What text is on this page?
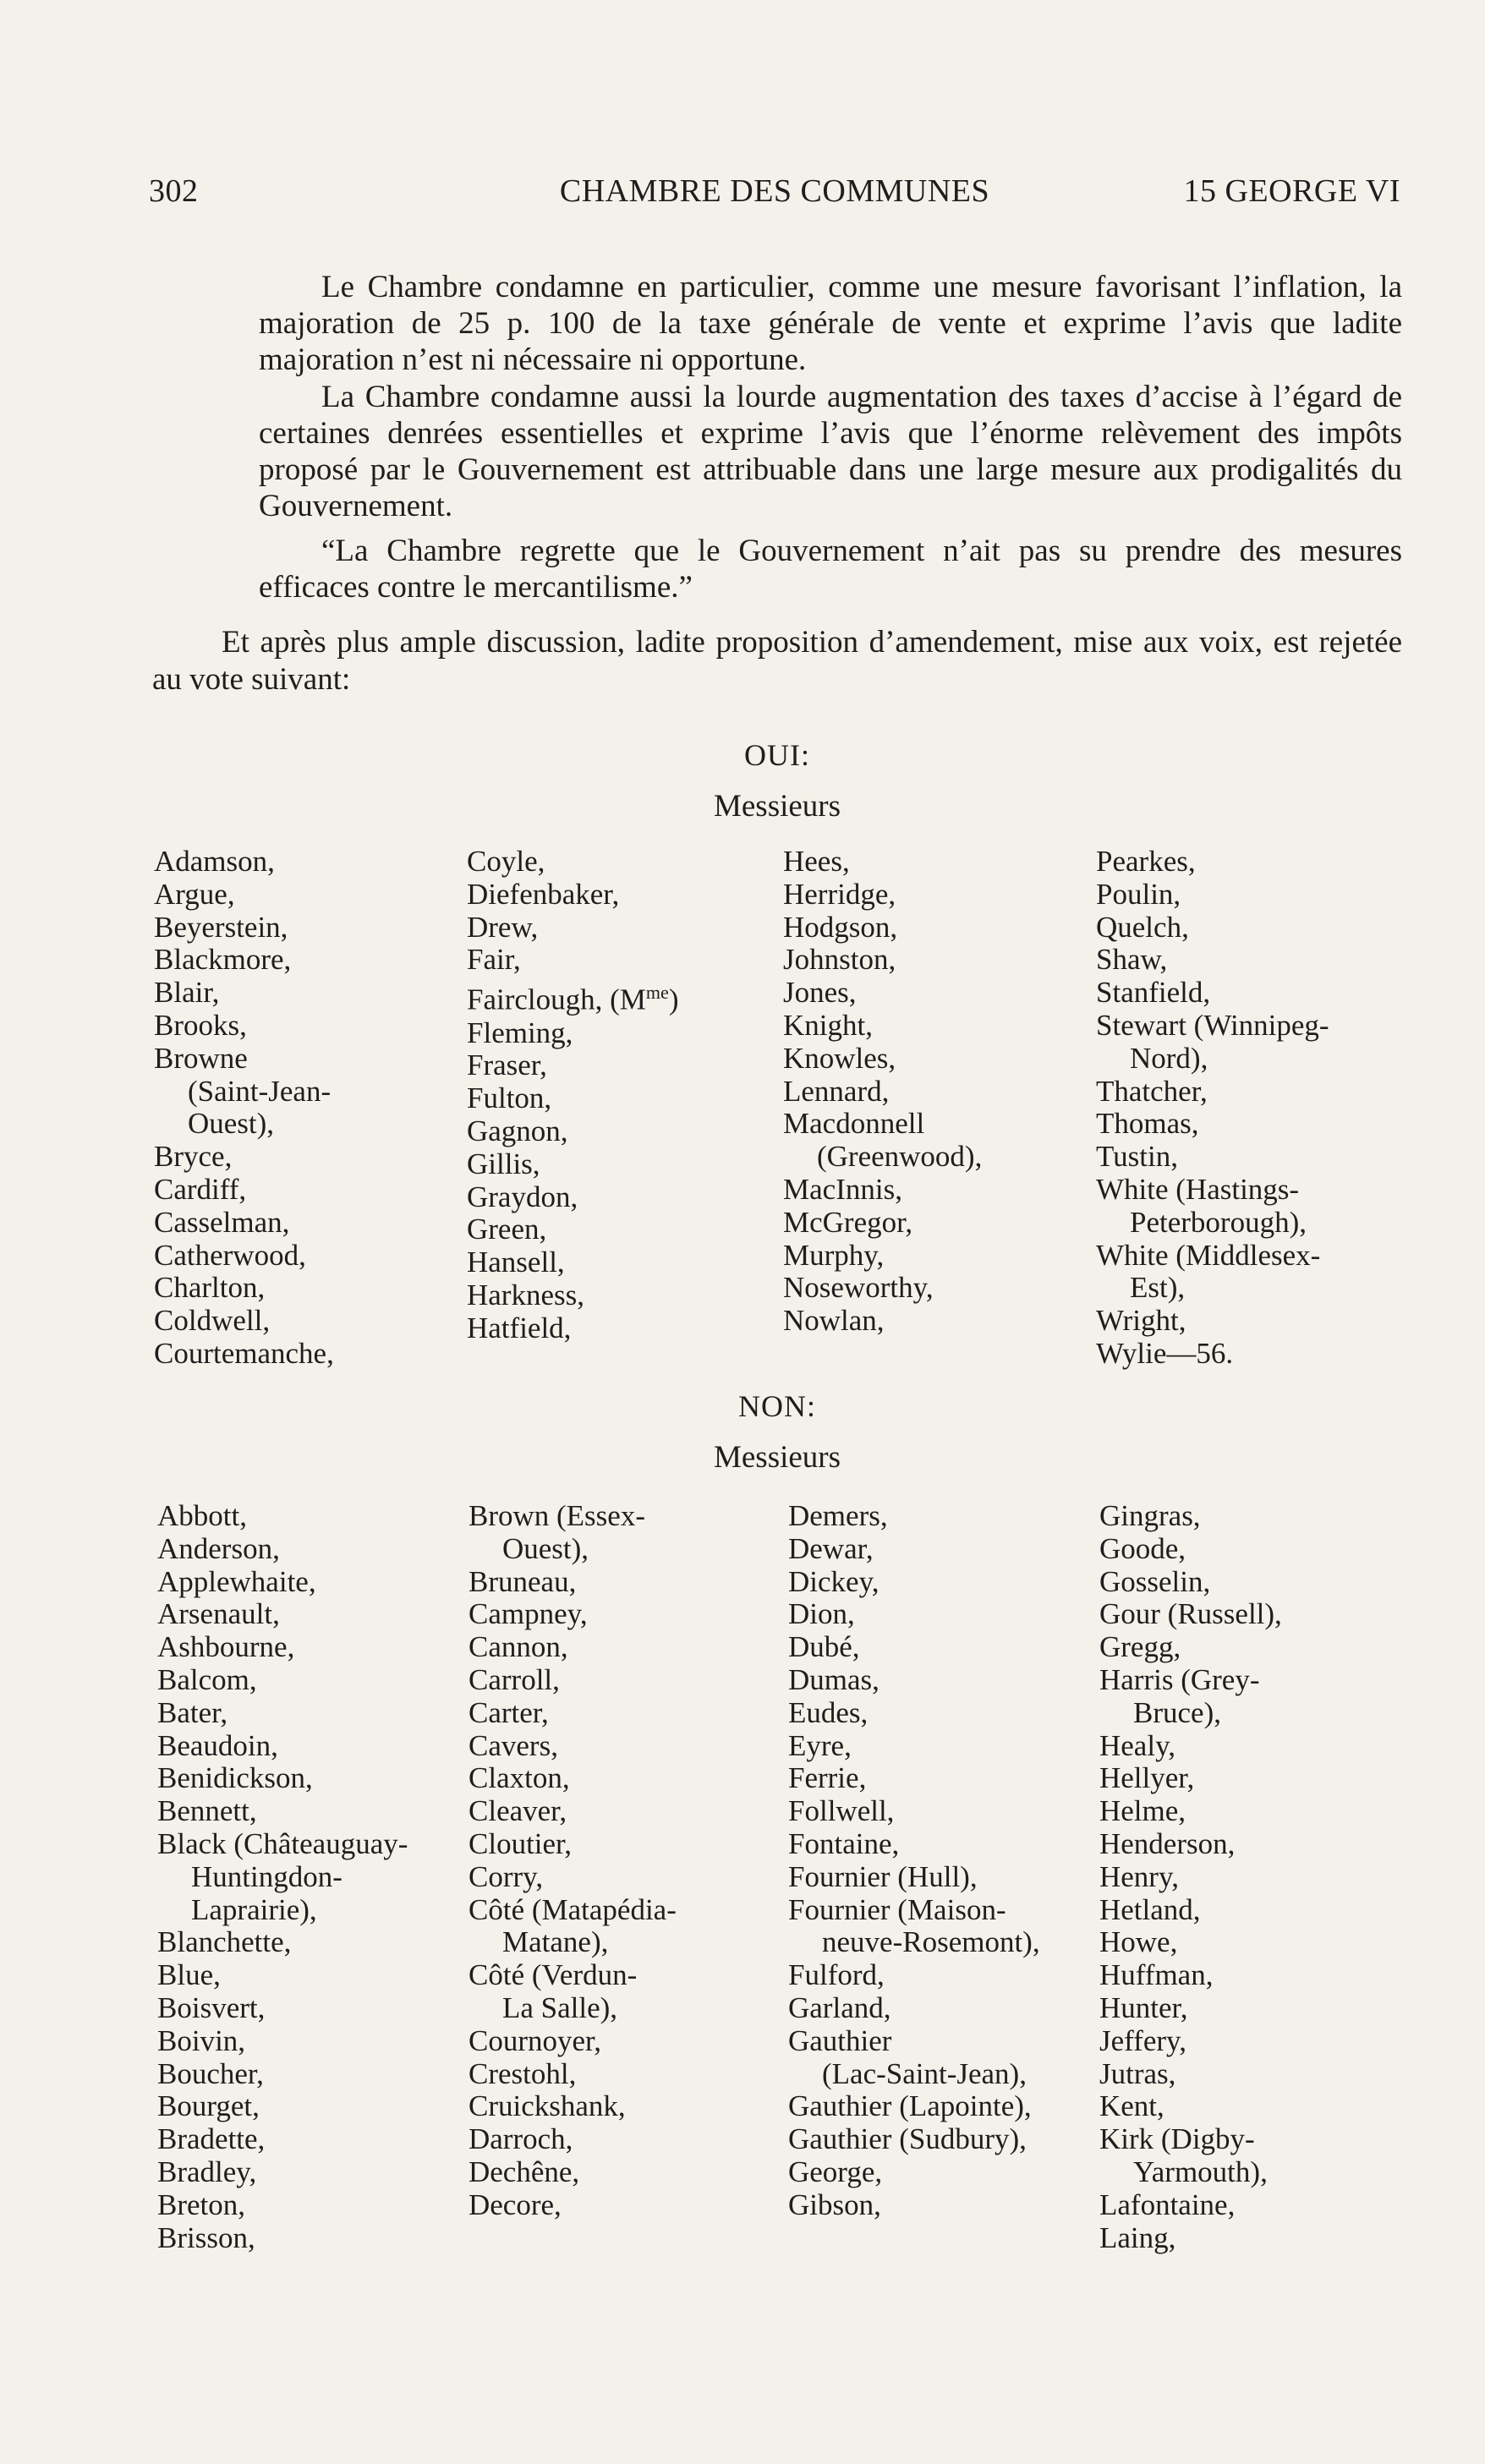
302	CHAMBRE DES COMMUNES	15 GEORGE VI
Le Chambre condamne en particulier, comme une mesure favorisant l’inflation, la majoration de 25 p. 100 de la taxe générale de vente et exprime l’avis que ladite majoration n’est ni nécessaire ni opportune.
La Chambre condamne aussi la lourde augmentation des taxes d’accise à l’égard de certaines denrées essentielles et exprime l’avis que l’énorme relèvement des impôts proposé par le Gouvernement est attribuable dans une large mesure aux prodigalités du Gouvernement.
“La Chambre regrette que le Gouvernement n’ait pas su prendre des mesures efficaces contre le mercantilisme.”
Et après plus ample discussion, ladite proposition d’amendement, mise aux voix, est rejetée au vote suivant:
OUI:
Messieurs
Adamson,
Argue,
Beyerstein,
Blackmore,
Blair,
Brooks,
Browne
(Saint-Jean-
Ouest),
Bryce,
Cardiff,
Casselman,
Catherwood,
Charlton,
Coldwell,
Courtemanche,
Coyle,
Diefenbaker,
Drew,
Fair,
Fairclough, $(M^{me})$
Fleming,
Fraser,
Fulton,
Gagnon,
Gillis,
Graydon,
Green,
Hansell,
Harkness,
Hatfield,
Hees,
Herridge,
Hodgson,
Johnston,
Jones,
Knight,
Knowles,
Lennard,
Macdonnell
(Greenwood),
MacInnis,
McGregor,
Murphy,
Noseworthy,
Nowlan,
Pearkes,
Poulin,
Quelch,
Shaw,
Stanfield,
Stewart (Winnipeg-
Nord),
Thatcher,
Thomas,
Tustin,
White (Hastings-
Peterborough),
White (Middlesex-
Est),
Wright,
Wylie—56.
NON:
Messieurs
Abbott,
Anderson,
Applewhaite,
Arsenault,
Ashbourne,
Balcom,
Bater,
Beaudoin,
Benidickson,
Bennett,
Black (Châteauguay-
Huntingdon-
Laprairie),
Blanchette,
Blue,
Boisvert,
Boivin,
Boucher,
Bourget,
Bradette,
Bradley,
Breton,
Brisson,
Brown (Essex-
Ouest),
Bruneau,
Campney,
Cannon,
Carroll,
Carter,
Cavers,
Claxton,
Cleaver,
Cloutier,
Corry,
Côté (Matapédia-
Matane),
Côté (Verdun-
La Salle),
Cournoyer,
Crestohl,
Cruickshank,
Darroch,
Dechêne,
Decore,
Demers,
Dewar,
Dickey,
Dion,
Dubé,
Dumas,
Eudes,
Eyre,
Ferrie,
Follwell,
Fontaine,
Fournier (Hull),
Fournier (Maison-
neuve-Rosemont),
Fulford,
Garland,
Gauthier
(Lac-Saint-Jean),
Gauthier (Lapointe),
Gauthier (Sudbury),
George,
Gibson,
Gingras,
Goode,
Gosselin,
Gour (Russell),
Gregg,
Harris (Grey-
Bruce),
Healy,
Hellyer,
Helme,
Henderson,
Henry,
Hetland,
Howe,
Huffman,
Hunter,
Jeffery,
Jutras,
Kent,
Kirk (Digby-
Yarmouth),
Lafontaine,
Laing,
